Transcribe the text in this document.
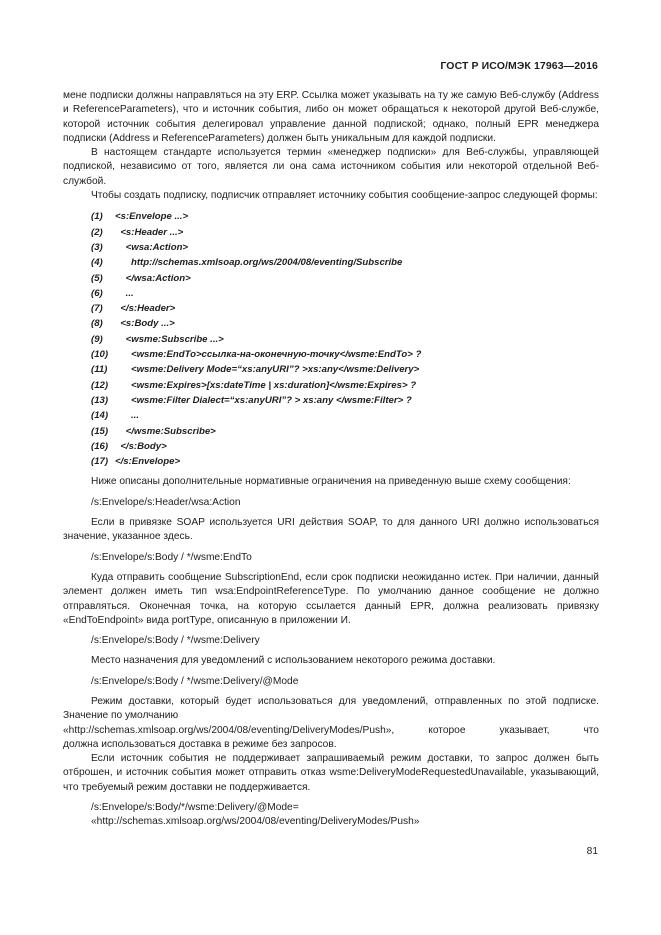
ГОСТ Р ИСО/МЭК 17963—2016

мене подписки должны направляться на эту ERP. Ссылка может указывать на ту же самую Веб-службу (Address и ReferenceParameters), что и источник события, либо он может обращаться к некоторой другой Веб-службе, которой источник события делегировал управление данной подпиской; однако, полный EPR менеджера подписки (Address и ReferenceParameters) должен быть уникальным для каждой подписки.

В настоящем стандарте используется термин «менеджер подписки» для Веб-службы, управляющей подпиской, независимо от того, является ли она сама источником события или некоторой отдельной Веб-службой.

Чтобы создать подписку, подписчик отправляет источнику события сообщение-запрос следующей формы:

(1) <s:Envelope ...>
(2)  <s:Header ...>
(3)    <wsa:Action>
(4)      http://schemas.xmlsoap.org/ws/2004/08/eventing/Subscribe
(5)    </wsa:Action>
(6)    ...
(7)  </s:Header>
(8)  <s:Body ...>
(9)    <wsme:Subscribe ...>
(10)      <wsme:EndTo>ссылка-на-оконечную-точку</wsme:EndTo> ?
(11)      <wsme:Delivery Mode=“xs:anyURI”? >xs:any</wsme:Delivery>
(12)      <wsme:Expires>[xs:dateTime | xs:duration]</wsme:Expires> ?
(13)      <wsme:Filter Dialect=“xs:anyURI”? > xs:any </wsme:Filter> ?
(14)      ...
(15)    </wsme:Subscribe>
(16)  </s:Body>
(17) </s:Envelope>

Ниже описаны дополнительные нормативные ограничения на приведенную выше схему сообщения:

/s:Envelope/s:Header/wsa:Action

Если в привязке SOAP используется URI действия SOAP, то для данного URI должно использоваться значение, указанное здесь.

/s:Envelope/s:Body / */wsme:EndTo

Куда отправить сообщение SubscriptionEnd, если срок подписки неожиданно истек. При наличии, данный элемент должен иметь тип wsa:EndpointReferenceType. По умолчанию данное сообщение не должно отправляться. Оконечная точка, на которую ссылается данный EPR, должна реализовать привязку «EndToEndpoint» вида portType, описанную в приложении И.

/s:Envelope/s:Body / */wsme:Delivery

Место назначения для уведомлений с использованием некоторого режима доставки.

/s:Envelope/s:Body / */wsme:Delivery/@Mode

Режим доставки, который будет использоваться для уведомлений, отправленных по этой подписке. Значение по умолчанию

«http://schemas.xmlsoap.org/ws/2004/08/eventing/DeliveryModes/Push»,	которое	указывает,	что

должна использоваться доставка в режиме без запросов.

Если источник события не поддерживает запрашиваемый режим доставки, то запрос должен быть отброшен, и источник события может отправить отказ wsme:DeliveryModeRequestedUnavailable, указывающий, что требуемый режим доставки не поддерживается.

/s:Envelope/s:Body/*/wsme:Delivery/@Mode=

«http://schemas.xmlsoap.org/ws/2004/08/eventing/DeliveryModes/Push»

81
